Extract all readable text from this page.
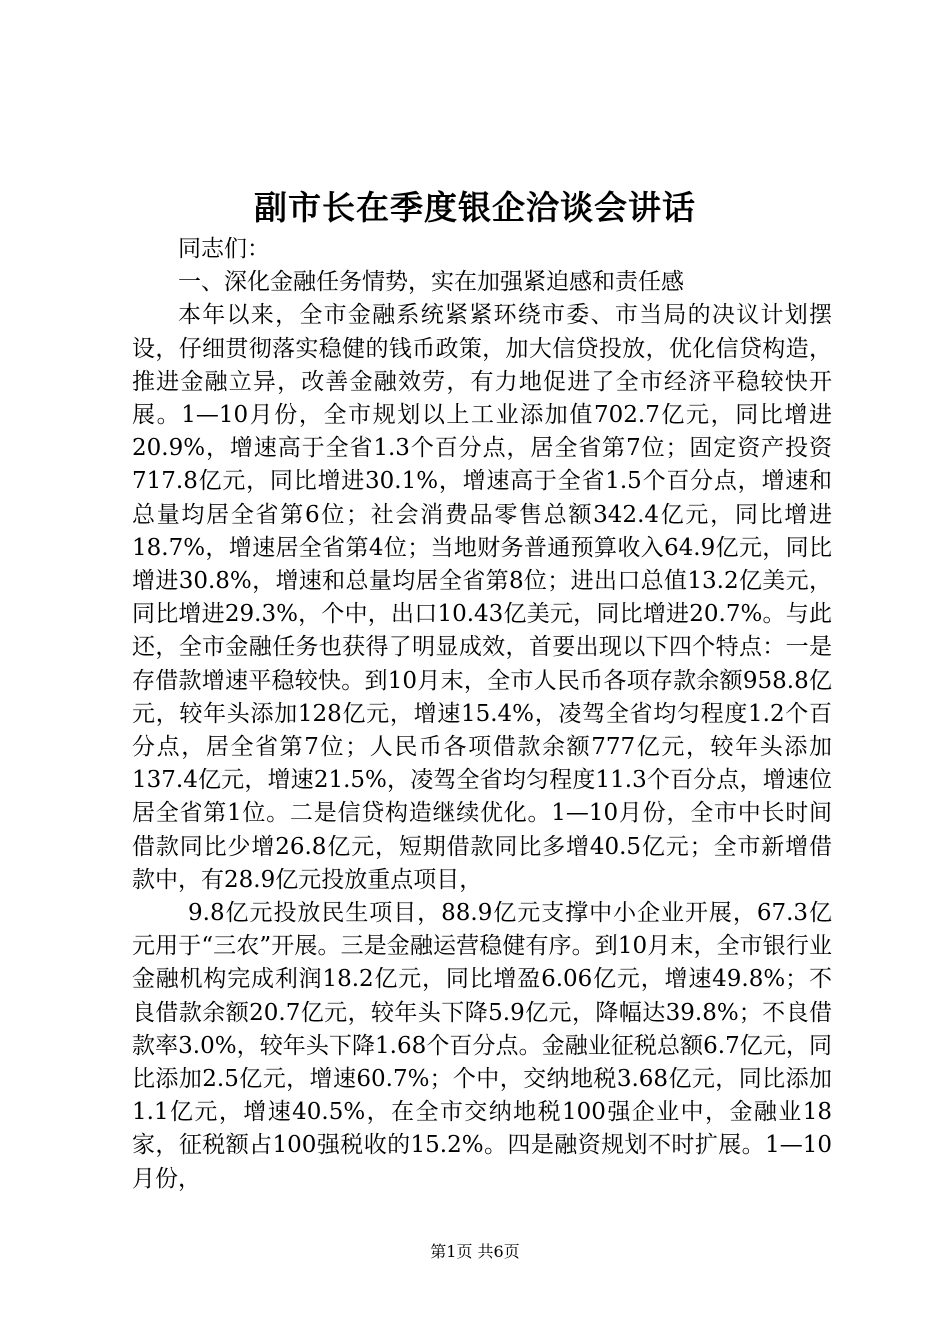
副市长在季度银企洽谈会讲话

同志们：

一、深化金融任务情势，实在加强紧迫感和责任感

本年以来，全市金融系统紧紧环绕市委、市当局的决议计划摆设，仔细贯彻落实稳健的钱币政策，加大信贷投放，优化信贷构造，推进金融立异，改善金融效劳，有力地促进了全市经济平稳较快开展。1—10月份，全市规划以上工业添加值702.7亿元，同比增进20.9%，增速高于全省1.3个百分点，居全省第7位；固定资产投资717.8亿元，同比增进30.1%，增速高于全省1.5个百分点，增速和总量均居全省第6位；社会消费品零售总额342.4亿元，同比增进18.7%，增速居全省第4位；当地财务普通预算收入64.9亿元，同比增进30.8%，增速和总量均居全省第8位；进出口总值13.2亿美元，同比增进29.3%，个中，出口10.43亿美元，同比增进20.7%。与此还，全市金融任务也获得了明显成效，首要出现以下四个特点：一是存借款增速平稳较快。到10月末，全市人民币各项存款余额958.8亿元，较年头添加128亿元，增速15.4%，凌驾全省均匀程度1.2个百分点，居全省第7位；人民币各项借款余额777亿元，较年头添加137.4亿元，增速21.5%，凌驾全省均匀程度11.3个百分点，增速位居全省第1位。二是信贷构造继续优化。1—10月份，全市中长时间借款同比少增26.8亿元，短期借款同比多增40.5亿元；全市新增借款中，有28.9亿元投放重点项目，

9.8亿元投放民生项目，88.9亿元支撑中小企业开展，67.3亿元用于“三农”开展。三是金融运营稳健有序。到10月末，全市银行业金融机构完成利润18.2亿元，同比增盈6.06亿元，增速49.8%；不良借款余额20.7亿元，较年头下降5.9亿元，降幅达39.8%；不良借款率3.0%，较年头下降1.68个百分点。金融业征税总额6.7亿元，同比添加2.5亿元，增速60.7%；个中，交纳地税3.68亿元，同比添加1.1亿元，增速40.5%，在全市交纳地税100强企业中，金融业18家，征税额占100强税收的15.2%。四是融资规划不时扩展。1—10月份，

第1页 共6页
